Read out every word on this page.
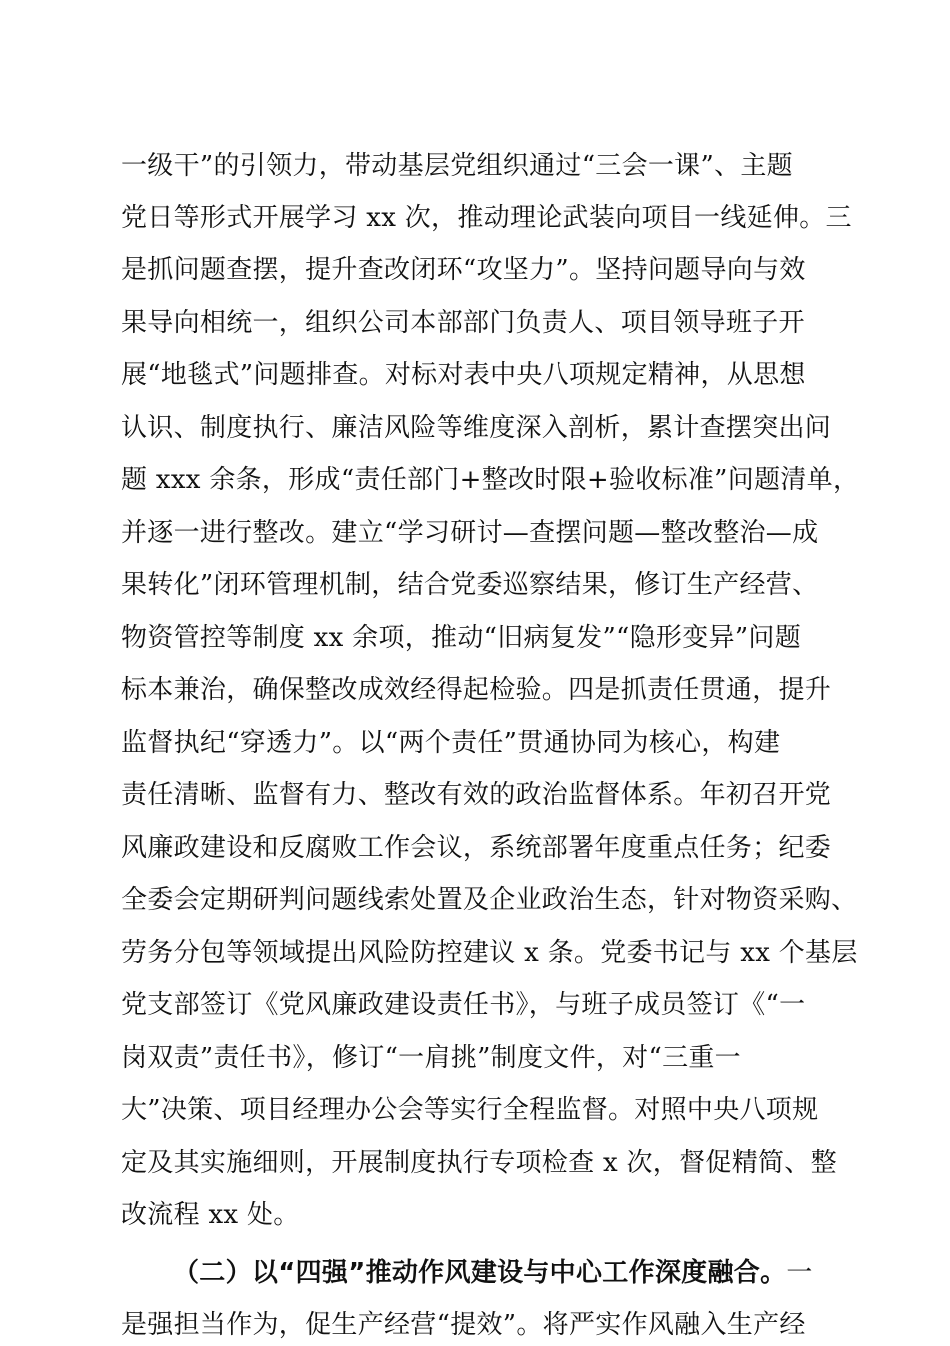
一级干”的引领力，带动基层党组织通过“三会一课”、主题
党日等形式开展学习 xx 次，推动理论武装向项目一线延伸。三
是抓问题查摆，提升查改闭环“攻坚力”。坚持问题导向与效
果导向相统一，组织公司本部部门负责人、项目领导班子开
展“地毯式”问题排查。对标对表中央八项规定精神，从思想
认识、制度执行、廉洁风险等维度深入剖析，累计查摆突出问
题 xxx 余条，形成“责任部门+整改时限+验收标准”问题清单，
并逐一进行整改。建立“学习研讨—查摆问题—整改整治—成
果转化”闭环管理机制，结合党委巡察结果，修订生产经营、
物资管控等制度 xx 余项，推动“旧病复发”“隐形变异”问题
标本兼治，确保整改成效经得起检验。四是抓责任贯通，提升
监督执纪“穿透力”。以“两个责任”贯通协同为核心，构建
责任清晰、监督有力、整改有效的政治监督体系。年初召开党
风廉政建设和反腐败工作会议，系统部署年度重点任务；纪委
全委会定期研判问题线索处置及企业政治生态，针对物资采购、
劳务分包等领域提出风险防控建议 x 条。党委书记与 xx 个基层
党支部签订《党风廉政建设责任书》，与班子成员签订《“一
岗双责”责任书》，修订“一肩挑”制度文件，对“三重一
大”决策、项目经理办公会等实行全程监督。对照中央八项规
定及其实施细则，开展制度执行专项检查 x 次，督促精简、整
改流程 xx 处。
（二）以“四强”推动作风建设与中心工作深度融合。一
是强担当作为，促生产经营“提效”。将严实作风融入生产经
